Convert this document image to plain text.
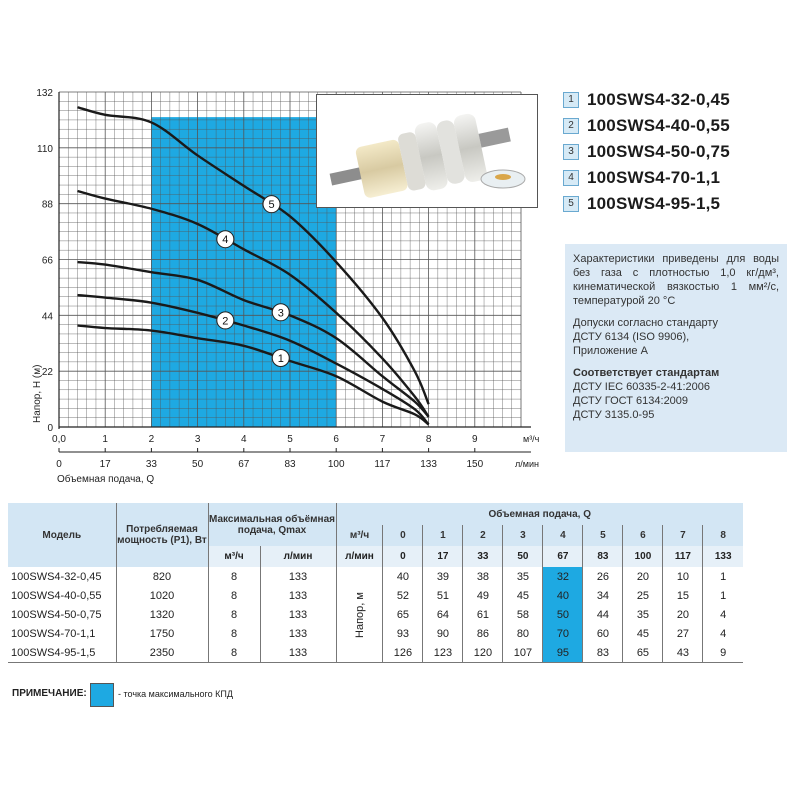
0
22
44
66
88
110
132
0,0	1	2	3	4	5	6	7	8	9
0	17	33	50	67	83	100	117	133	150
1
2
3
4
5
Напор, Н (м)
м³/ч
л/мин
Объемная подача, Q
1 100SWS4-32-0,45
2 100SWS4-40-0,55
3 100SWS4-50-0,75
4 100SWS4-70-1,1
5 100SWS4-95-1,5

Характеристики приведены для воды без газа с плотностью 1,0 кг/дм³, кинематической вязкостью 1 мм²/с, температурой 20 °С

Допуски согласно стандарту
ДСТУ 6134 (ISO 9906),
Приложение А

Соответствует стандартам
ДСТУ IEC 60335-2-41:2006
ДСТУ ГОСТ 6134:2009
ДСТУ 3135.0-95

Модель	Потребляемая мощность (P1), Вт	Максимальная объёмная подача, Qmax		Объемная подача, Q									
				м³/ч	0	1	2	3	4	5	6	7	8
		м³/ч	л/мин	л/мин	0	17	33	50	67	83	100	117	133
100SWS4-32-0,45	820	8	133	Напор, м	40	39	38	35	32	26	20	10	1
100SWS4-40-0,55	1020	8	133		52	51	49	45	40	34	25	15	1
100SWS4-50-0,75	1320	8	133		65	64	61	58	50	44	35	20	4
100SWS4-70-1,1	1750	8	133		93	90	86	80	70	60	45	27	4
100SWS4-95-1,5	2350	8	133		126	123	120	107	95	83	65	43	9
ПРИМЕЧАНИЕ:	- точка максимального КПД
